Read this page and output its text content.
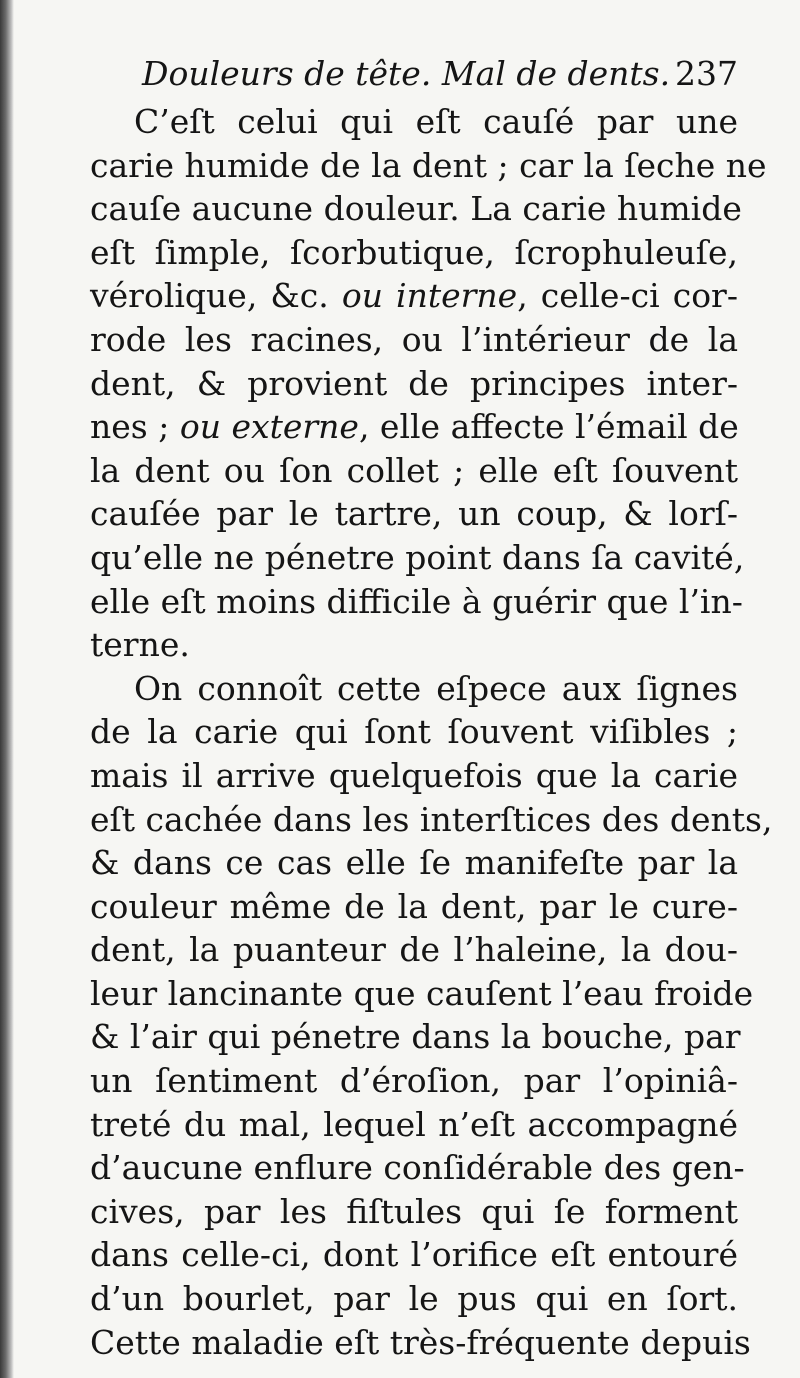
Douleurs de tête. Mal de dents. 237
C’eſt celui qui eſt cauſé par une
carie humide de la dent ; car la ſeche ne
cauſe aucune douleur. La carie humide
eſt ſimple, ſcorbutique, ſcrophuleuſe,
vérolique, &c. ou interne, celle-ci cor-
rode les racines, ou l’intérieur de la
dent, & provient de principes inter-
nes ; ou externe, elle affecte l’émail de
la dent ou ſon collet ; elle eſt ſouvent
cauſée par le tartre, un coup, & lorſ-
qu’elle ne pénetre point dans ſa cavité,
elle eſt moins difficile à guérir que l’in-
terne.
On connoît cette eſpece aux ſignes
de la carie qui ſont ſouvent viſibles ;
mais il arrive quelquefois que la carie
eſt cachée dans les interſtices des dents,
& dans ce cas elle ſe manifeſte par la
couleur même de la dent, par le cure-
dent, la puanteur de l’haleine, la dou-
leur lancinante que cauſent l’eau froide
& l’air qui pénetre dans la bouche, par
un ſentiment d’éroſion, par l’opiniâ-
treté du mal, lequel n’eſt accompagné
d’aucune enflure conſidérable des gen-
cives, par les fiſtules qui ſe forment
dans celle-ci, dont l’orifice eſt entouré
d’un bourlet, par le pus qui en ſort.
Cette maladie eſt très-fréquente depuis
